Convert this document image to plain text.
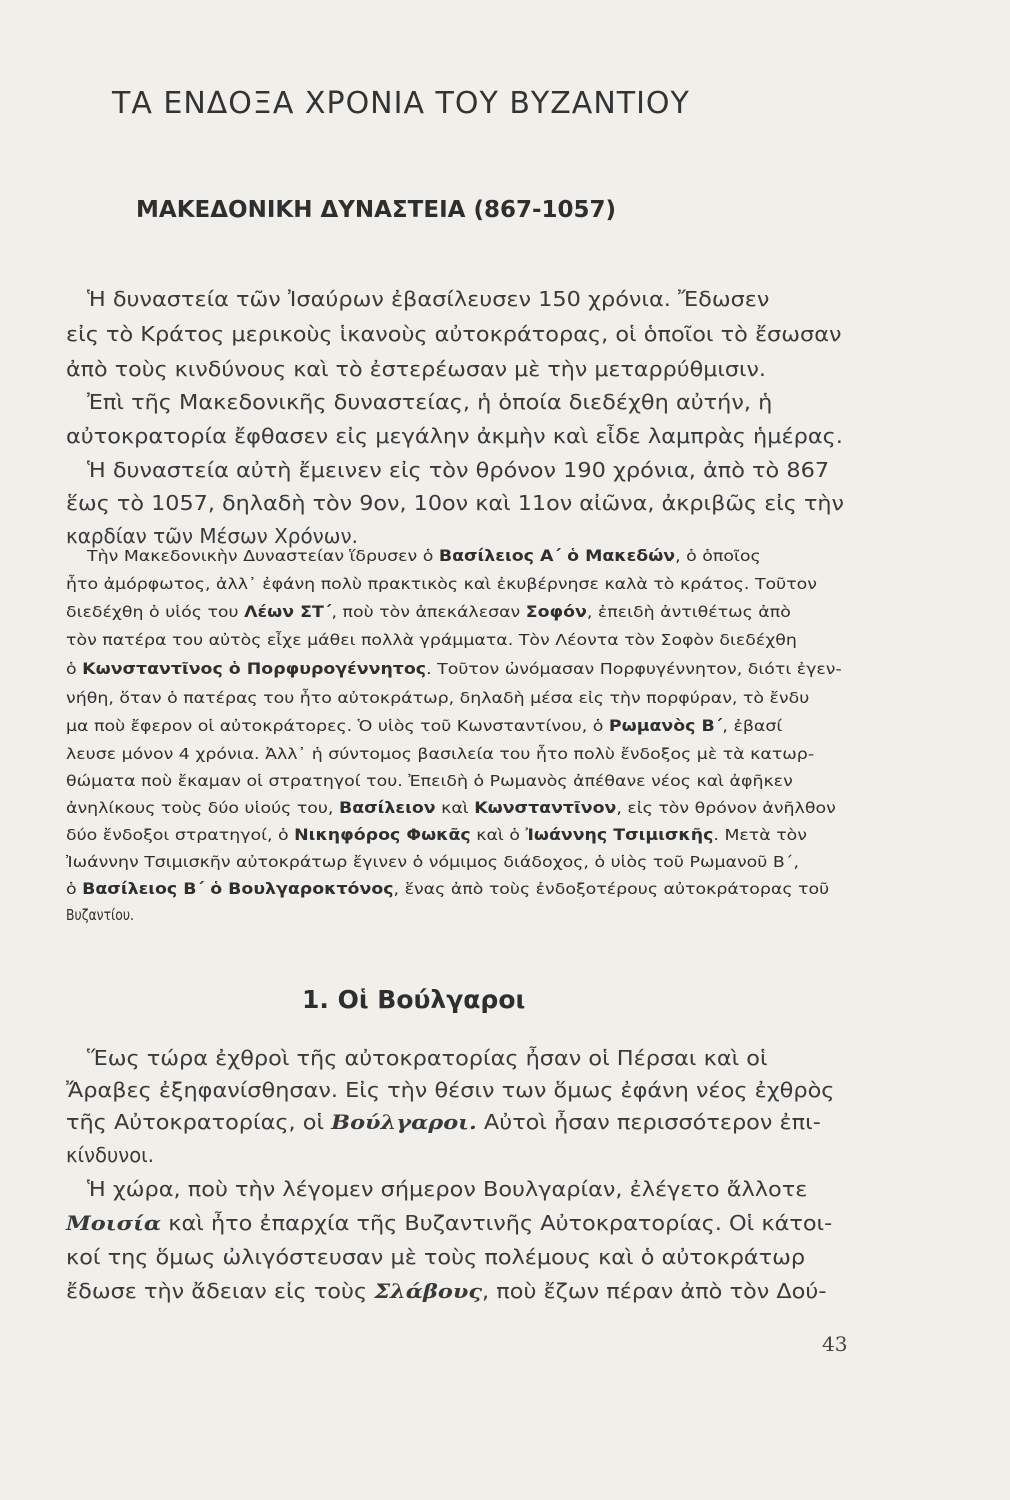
ΤΑ ΕΝΔΟΞΑ ΧΡΟΝΙΑ ΤΟΥ ΒΥΖΑΝΤΙΟΥ
ΜΑΚΕΔΟΝΙΚΗ ΔΥΝΑΣΤΕΙΑ (867-1057)
Ἡ δυναστεία τῶν Ἰσαύρων ἐβασίλευσεν 150 χρόνια. Ἔδωσεν
εἰς τὸ Κράτος μερικοὺς ἱκανοὺς αὐτοκράτορας, οἱ ὁποῖοι τὸ ἔσωσαν
ἀπὸ τοὺς κινδύνους καὶ τὸ ἐστερέωσαν μὲ τὴν μεταρρύθμισιν.
Ἐπὶ τῆς Μακεδονικῆς δυναστείας, ἡ ὁποία διεδέχθη αὐτήν, ἡ
αὐτοκρατορία ἔφθασεν εἰς μεγάλην ἀκμὴν καὶ εἶδε λαμπρὰς ἡμέρας.
Ἡ δυναστεία αὐτὴ ἔμεινεν εἰς τὸν θρόνον 190 χρόνια, ἀπὸ τὸ 867
ἕως τὸ 1057, δηλαδὴ τὸν 9ον, 10ον καὶ 11ον αἰῶνα, ἀκριβῶς εἰς τὴν
καρδίαν τῶν Μέσων Χρόνων.
Τὴν Μακεδονικὴν Δυναστείαν ἵδρυσεν ὁ Βασίλειος Α΄ ὁ Μακεδών, ὁ ὁποῖος
ἦτο ἀμόρφωτος, ἀλλ᾿ ἐφάνη πολὺ πρακτικὸς καὶ ἐκυβέρνησε καλὰ τὸ κράτος. Τοῦτον
διεδέχθη ὁ υἱός του Λέων ΣΤ΄, ποὺ τὸν ἀπεκάλεσαν Σοφόν, ἐπειδὴ ἀντιθέτως ἀπὸ
τὸν πατέρα του αὐτὸς εἶχε μάθει πολλὰ γράμματα. Τὸν Λέοντα τὸν Σοφὸν διεδέχθη
ὁ Κωνσταντῖνος ὁ Πορφυρογέννητος. Τοῦτον ὠνόμασαν Πορφυγέννητον, διότι ἐγεν-
νήθη, ὅταν ὁ πατέρας του ἦτο αὐτοκράτωρ, δηλαδὴ μέσα εἰς τὴν πορφύραν, τὸ ἔνδυ
μα ποὺ ἔφερον οἱ αὐτοκράτορες. Ὁ υἱὸς τοῦ Κωνσταντίνου, ὁ Ρωμανὸς Β΄, ἐβασί
λευσε μόνον 4 χρόνια. Ἀλλ᾿ ἡ σύντομος βασιλεία του ἦτο πολὺ ἔνδοξος μὲ τὰ κατωρ-
θώματα ποὺ ἔκαμαν οἱ στρατηγοί του. Ἐπειδὴ ὁ Ρωμανὸς ἀπέθανε νέος καὶ ἀφῆκεν
ἀνηλίκους τοὺς δύο υἱούς του, Βασίλειον καὶ Κωνσταντῖνον, εἰς τὸν θρόνον ἀνῆλθον
δύο ἔνδοξοι στρατηγοί, ὁ Νικηφόρος Φωκᾶς καὶ ὁ Ἰωάννης Τσιμισκῆς. Μετὰ τὸν
Ἰωάννην Τσιμισκῆν αὐτοκράτωρ ἔγινεν ὁ νόμιμος διάδοχος, ὁ υἱὸς τοῦ Ρωμανοῦ Β΄,
ὁ Βασίλειος Β΄ ὁ Βουλγαροκτόνος, ἕνας ἀπὸ τοὺς ἐνδοξοτέρους αὐτοκράτορας τοῦ
Βυζαντίου.
1. Οἱ Βούλγαροι
Ἕως τώρα ἐχθροὶ τῆς αὐτοκρατορίας ἦσαν οἱ Πέρσαι καὶ οἱ
Ἄραβες ἐξηφανίσθησαν. Εἰς τὴν θέσιν των ὅμως ἐφάνη νέος ἐχθρὸς
τῆς Αὐτοκρατορίας, οἱ Βούλγαροι. Αὐτοὶ ἦσαν περισσότερον ἐπι-
κίνδυνοι.
Ἡ χώρα, ποὺ τὴν λέγομεν σήμερον Βουλγαρίαν, ἐλέγετο ἄλλοτε
Μοισία καὶ ἦτο ἐπαρχία τῆς Βυζαντινῆς Αὐτοκρατορίας. Οἱ κάτοι-
κοί της ὅμως ὠλιγόστευσαν μὲ τοὺς πολέμους καὶ ὁ αὐτοκράτωρ
ἔδωσε τὴν ἄδειαν εἰς τοὺς Σλάβους, ποὺ ἔζων πέραν ἀπὸ τὸν Δού-
43
